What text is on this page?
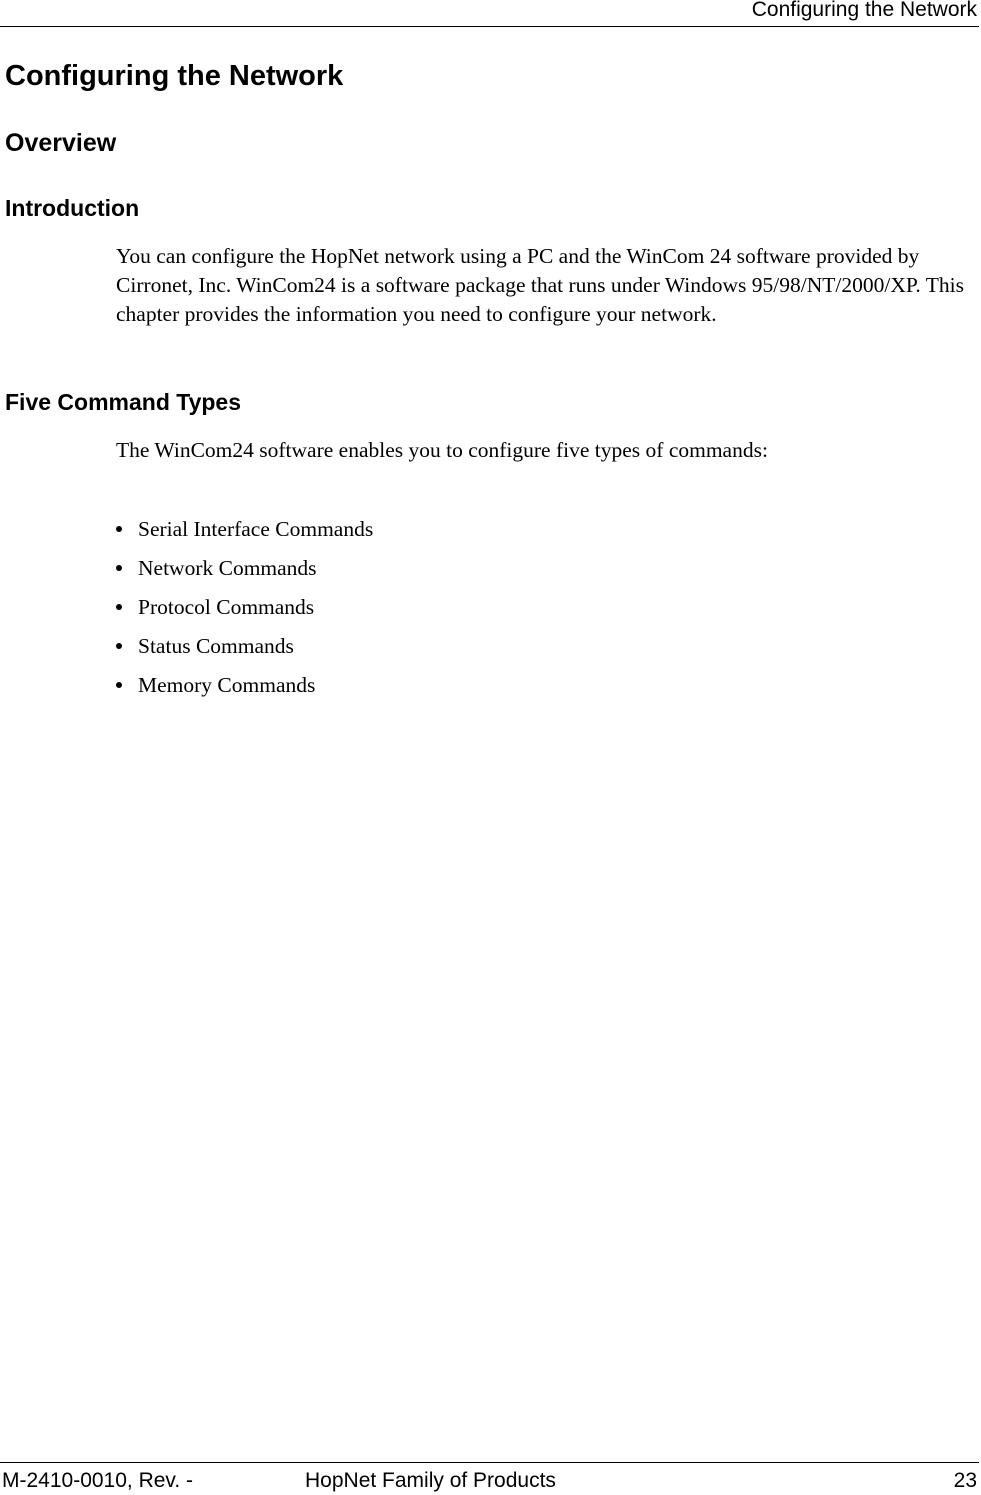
Configuring the Network
Configuring the Network
Overview
Introduction

You can configure the HopNet network using a PC and the WinCom 24 software provided by Cirronet, Inc. WinCom24 is a software package that runs under Windows 95/98/NT/2000/XP. This chapter provides the information you need to configure your network.

Five Command Types

The WinCom24 software enables you to configure five types of commands:

Serial Interface Commands
Network Commands
Protocol Commands
Status Commands
Memory Commands
M-2410-0010, Rev. -	HopNet Family of Products	23
